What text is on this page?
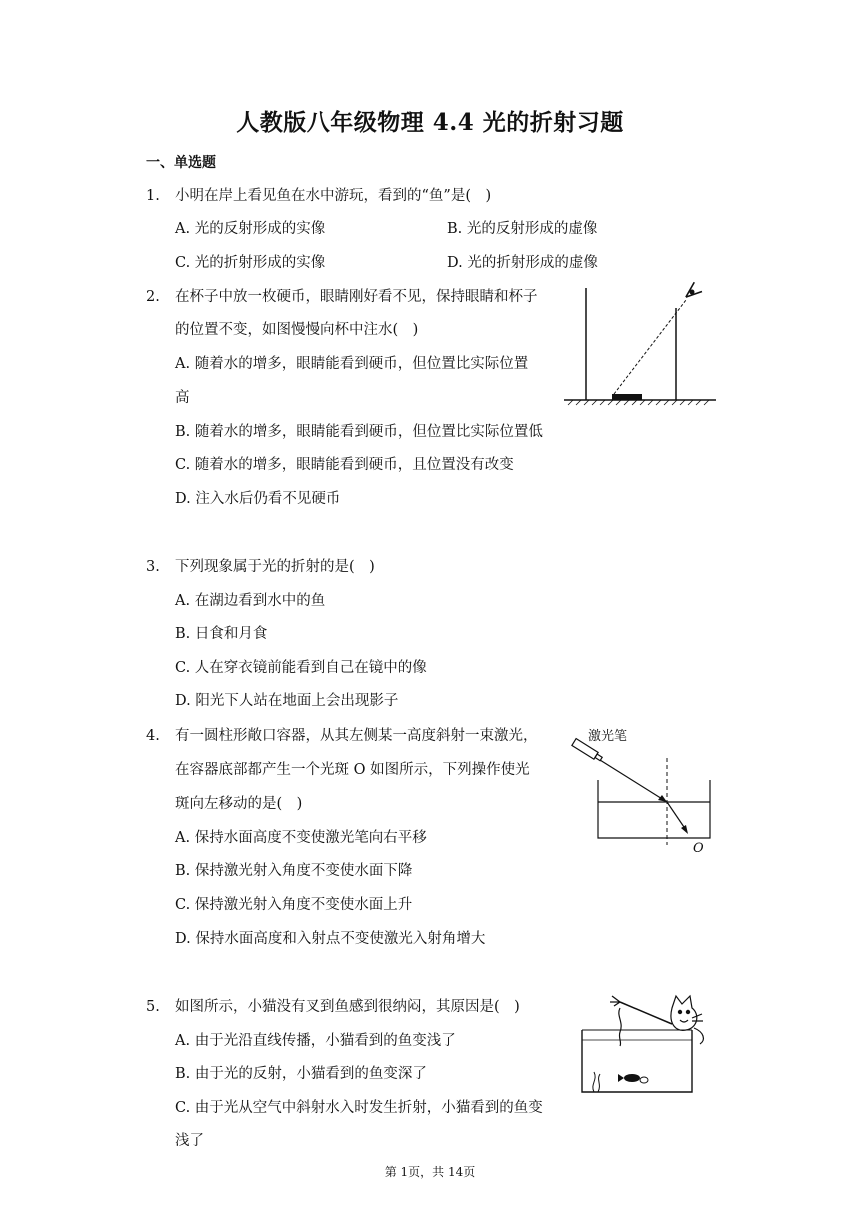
人教版八年级物理 4.4 光的折射习题
一、单选题
1. 小明在岸上看见鱼在水中游玩，看到的“鱼”是(　)
A. 光的反射形成的实像	B. 光的反射形成的虚像
C. 光的折射形成的实像	D. 光的折射形成的虚像
2. 在杯子中放一枚硬币，眼睛刚好看不见，保持眼睛和杯子
的位置不变，如图慢慢向杯中注水(　)
A. 随着水的增多，眼睛能看到硬币，但位置比实际位置
高
B. 随着水的增多，眼睛能看到硬币，但位置比实际位置低
C. 随着水的增多，眼睛能看到硬币，且位置没有改变
D. 注入水后仍看不见硬币
3. 下列现象属于光的折射的是(　)
A. 在湖边看到水中的鱼
B. 日食和月食
C. 人在穿衣镜前能看到自己在镜中的像
D. 阳光下人站在地面上会出现影子
4. 有一圆柱形敞口容器，从其左侧某一高度斜射一束激光，
在容器底部都产生一个光斑 O 如图所示，下列操作使光
斑向左移动的是(　)
A. 保持水面高度不变使激光笔向右平移
B. 保持激光射入角度不变使水面下降
C. 保持激光射入角度不变使水面上升
D. 保持水面高度和入射点不变使激光入射角增大
激光笔
O
5. 如图所示，小猫没有叉到鱼感到很纳闷，其原因是(　)
A. 由于光沿直线传播，小猫看到的鱼变浅了
B. 由于光的反射，小猫看到的鱼变深了
C. 由于光从空气中斜射水入时发生折射，小猫看到的鱼变
浅了
第 1页，共 14页
